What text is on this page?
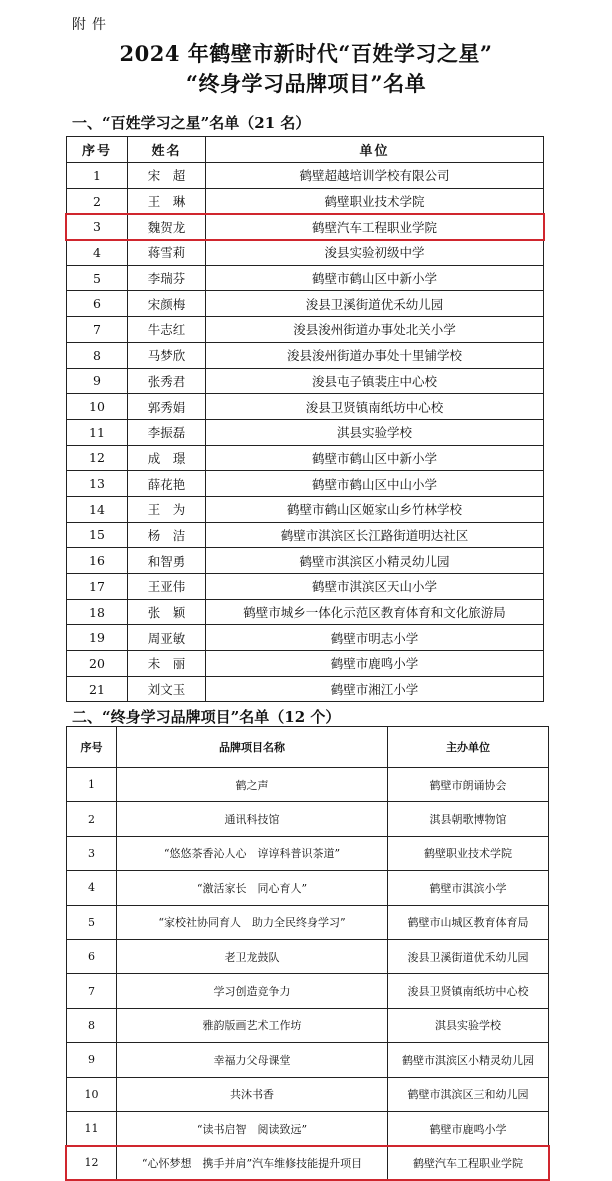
附件
2024 年鹤壁市新时代“百姓学习之星”
“终身学习品牌项目”名单
一、“百姓学习之星”名单（21 名）
序号	姓名	单位
1	宋　超	鹤壁超越培训学校有限公司
2	王　琳	鹤壁职业技术学院
3	魏贺龙	鹤壁汽车工程职业学院
4	蒋雪莉	浚县实验初级中学
5	李瑞芬	鹤壁市鹤山区中新小学
6	宋颜梅	浚县卫溪街道优禾幼儿园
7	牛志红	浚县浚州街道办事处北关小学
8	马梦欣	浚县浚州街道办事处十里铺学校
9	张秀君	浚县屯子镇裴庄中心校
10	郭秀娟	浚县卫贤镇南纸坊中心校
11	李振磊	淇县实验学校
12	成　璟	鹤壁市鹤山区中新小学
13	薛花艳	鹤壁市鹤山区中山小学
14	王　为	鹤壁市鹤山区姬家山乡竹林学校
15	杨　洁	鹤壁市淇滨区长江路街道明达社区
16	和智勇	鹤壁市淇滨区小精灵幼儿园
17	王亚伟	鹤壁市淇滨区天山小学
18	张　颖	鹤壁市城乡一体化示范区教育体育和文化旅游局
19	周亚敏	鹤壁市明志小学
20	未　丽	鹤壁市鹿鸣小学
21	刘文玉	鹤壁市湘江小学
二、“终身学习品牌项目”名单（12 个）
序号	品牌项目名称	主办单位
1	鹤之声	鹤壁市朗诵协会
2	通讯科技馆	淇县朝歌博物馆
3	“悠悠茶香沁人心　谆谆科普识茶道”	鹤壁职业技术学院
4	“激活家长　同心育人”	鹤壁市淇滨小学
5	“家校社协同育人　助力全民终身学习”	鹤壁市山城区教育体育局
6	老卫龙鼓队	浚县卫溪街道优禾幼儿园
7	学习创造竞争力	浚县卫贤镇南纸坊中心校
8	雅韵版画艺术工作坊	淇县实验学校
9	幸福力父母课堂	鹤壁市淇滨区小精灵幼儿园
10	共沐书香	鹤壁市淇滨区三和幼儿园
11	“读书启智　阅读致远”	鹤壁市鹿鸣小学
12	“心怀梦想　携手并肩”汽车维修技能提升项目	鹤壁汽车工程职业学院
